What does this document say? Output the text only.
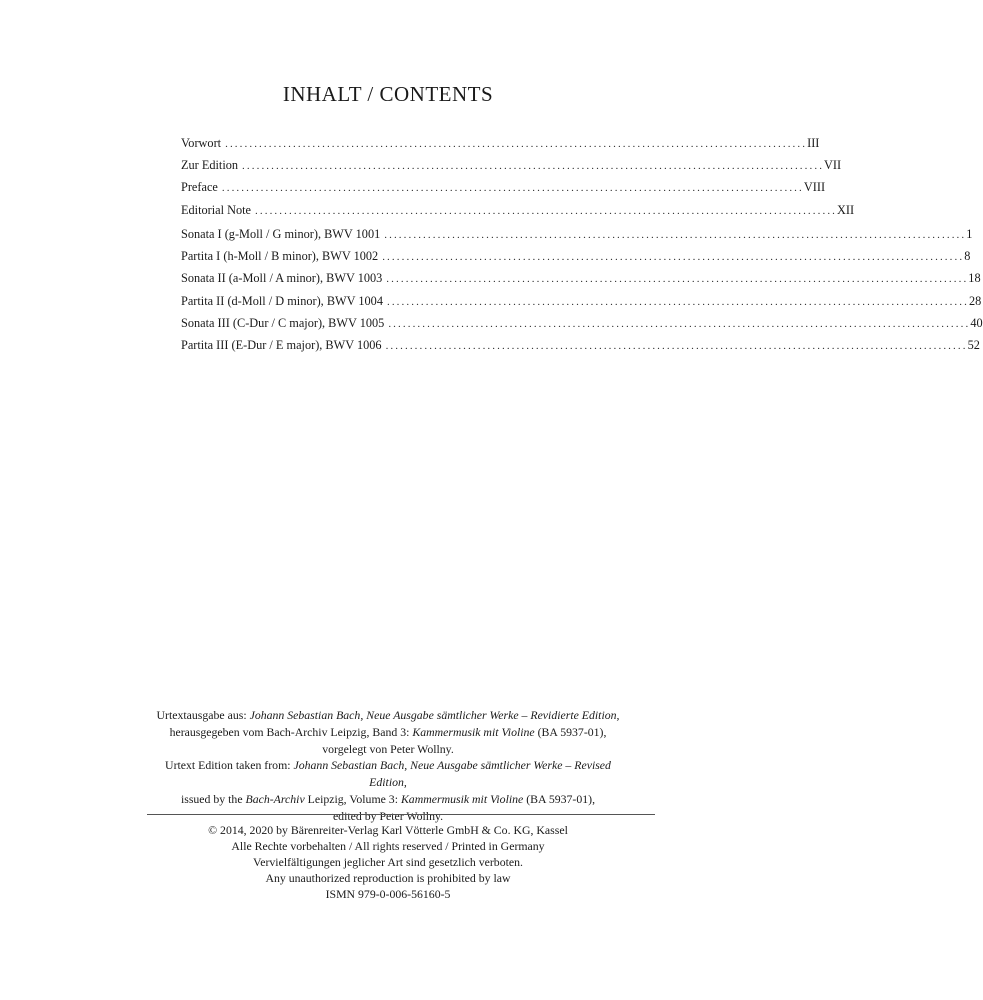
INHALT / CONTENTS
Vorwort ........................................................................................................................ III
Zur Edition ........................................................................................................................ VII
Preface ........................................................................................................................ VIII
Editorial Note ........................................................................................................................ XII
Sonata I (g-Moll / G minor), BWV 1001 ........................................................................................................................ 1
Partita I (h-Moll / B minor), BWV 1002 ........................................................................................................................ 8
Sonata II (a-Moll / A minor), BWV 1003 ........................................................................................................................ 18
Partita II (d-Moll / D minor), BWV 1004 ........................................................................................................................ 28
Sonata III (C-Dur / C major), BWV 1005 ........................................................................................................................ 40
Partita III (E-Dur / E major), BWV 1006 ........................................................................................................................ 52
Urtextausgabe aus: Johann Sebastian Bach, Neue Ausgabe sämtlicher Werke – Revidierte Edition,
herausgegeben vom Bach-Archiv Leipzig, Band 3: Kammermusik mit Violine (BA 5937-01),
vorgelegt von Peter Wollny.
Urtext Edition taken from: Johann Sebastian Bach, Neue Ausgabe sämtlicher Werke – Revised Edition,
issued by the Bach-Archiv Leipzig, Volume 3: Kammermusik mit Violine (BA 5937-01),
edited by Peter Wollny.
© 2014, 2020 by Bärenreiter-Verlag Karl Vötterle GmbH & Co. KG, Kassel
Alle Rechte vorbehalten / All rights reserved / Printed in Germany
Vervielfältigungen jeglicher Art sind gesetzlich verboten.
Any unauthorized reproduction is prohibited by law
ISMN 979-0-006-56160-5
